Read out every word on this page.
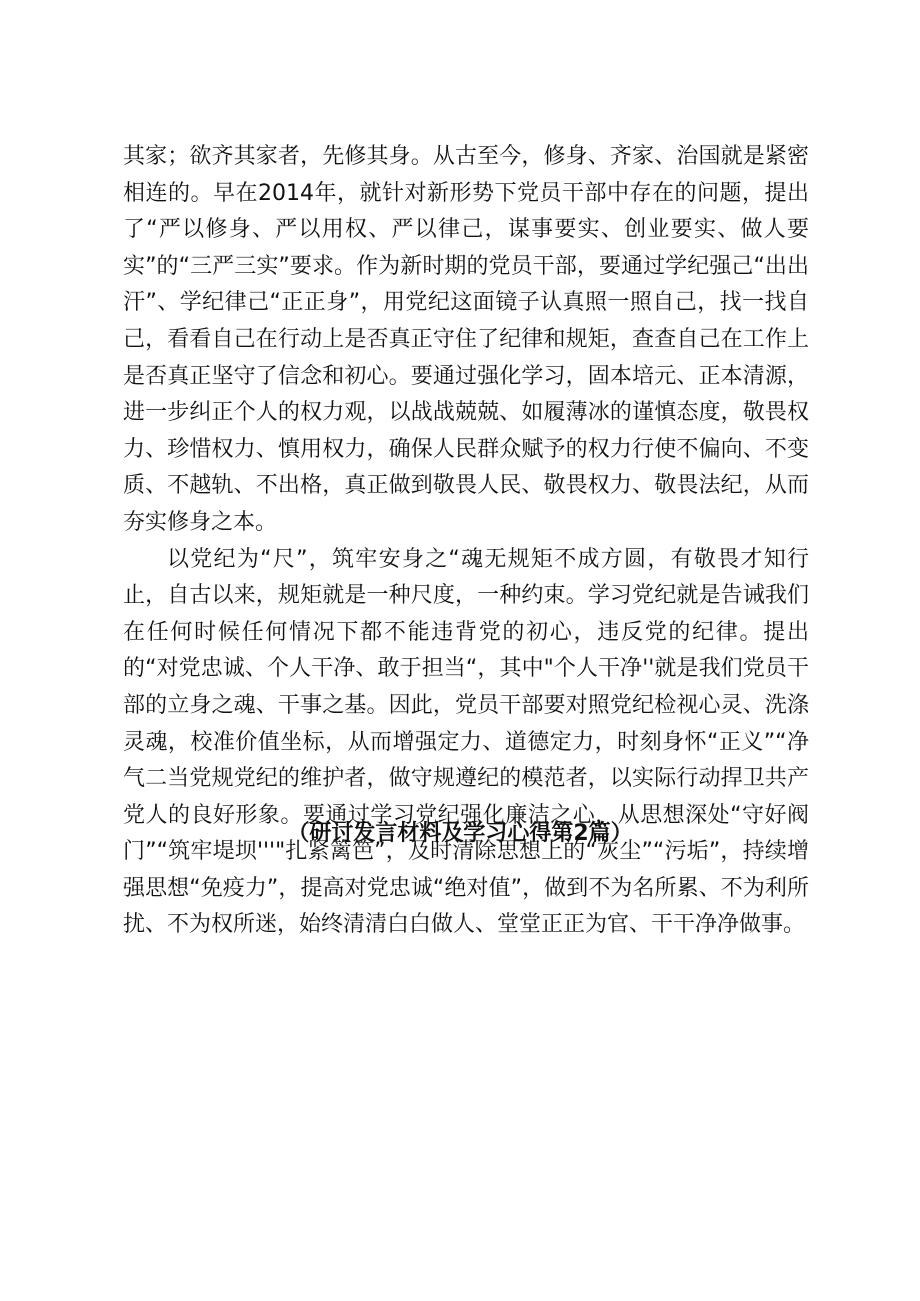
其家；欲齐其家者，先修其身。从古至今，修身、齐家、治国就是紧密相连的。早在2014年，就针对新形势下党员干部中存在的问题，提出了“严以修身、严以用权、严以律己，谋事要实、创业要实、做人要实”的“三严三实”要求。作为新时期的党员干部，要通过学纪强己“出出汗”、学纪律己“正正身”，用党纪这面镜子认真照一照自己，找一找自己，看看自己在行动上是否真正守住了纪律和规矩，查查自己在工作上是否真正坚守了信念和初心。要通过强化学习，固本培元、正本清源，进一步纠正个人的权力观，以战战兢兢、如履薄冰的谨慎态度，敬畏权力、珍惜权力、慎用权力，确保人民群众赋予的权力行使不偏向、不变质、不越轨、不出格，真正做到敬畏人民、敬畏权力、敬畏法纪，从而夯实修身之本。

以党纪为“尺”，筑牢安身之“魂无规矩不成方圆，有敬畏才知行止，自古以来，规矩就是一种尺度，一种约束。学习党纪就是告诫我们在任何时候任何情况下都不能违背党的初心，违反党的纪律。提出的“对党忠诚、个人干净、敢于担当“，其中"个人干净''就是我们党员干部的立身之魂、干事之基。因此，党员干部要对照党纪检视心灵、洗涤灵魂，校准价值坐标，从而增强定力、道德定力，时刻身怀“正义”“净气二当党规党纪的维护者，做守规遵纪的模范者，以实际行动捍卫共产党人的良好形象。要通过学习党纪强化廉洁之心，从思想深处“守好阀门”“筑牢堤坝'''"扎紧篱笆”，及时清除思想上的“灰尘”“污垢”，持续增强思想“免疫力”，提高对党忠诚“绝对值”，做到不为名所累、不为利所扰、不为权所迷，始终清清白白做人、堂堂正正为官、干干净净做事。

（研讨发言材料及学习心得第2篇）
